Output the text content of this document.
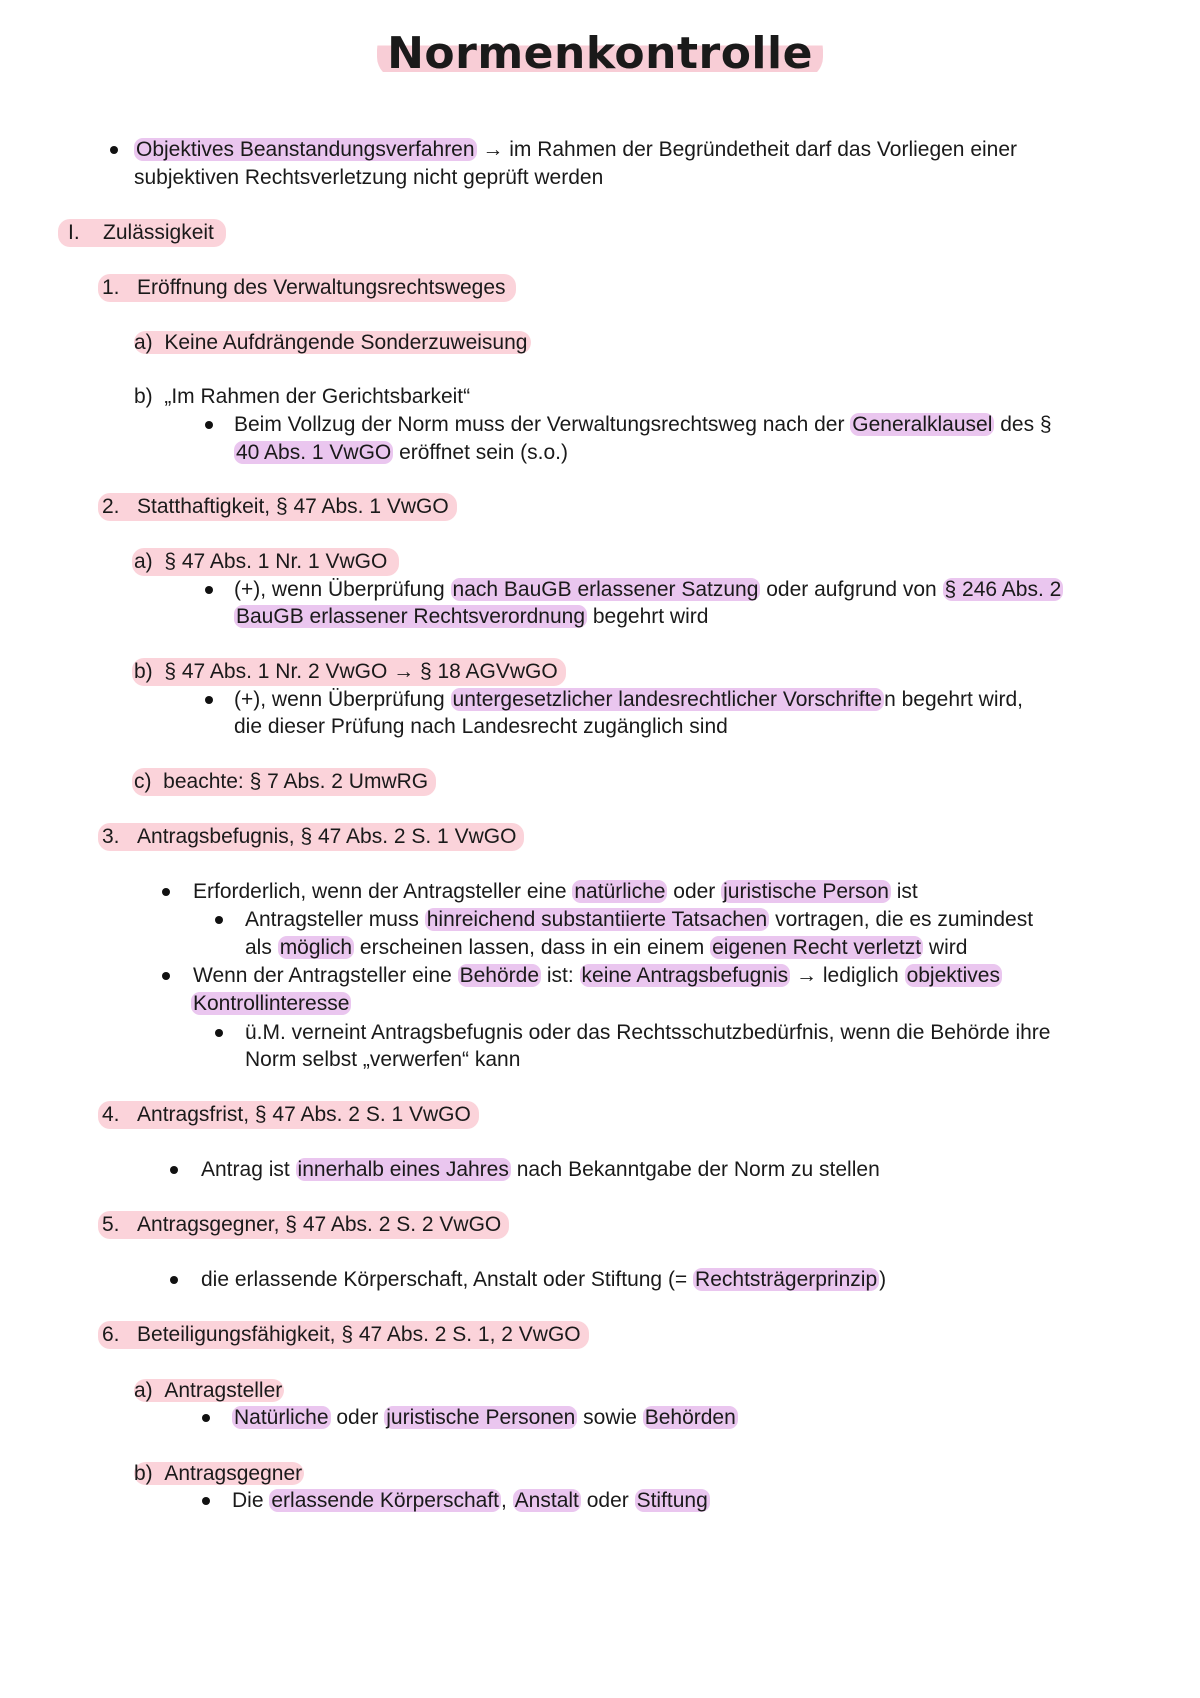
Normenkontrolle
Objektives Beanstandungsverfahren → im Rahmen der Begründetheit darf das Vorliegen einer
subjektiven Rechtsverletzung nicht geprüft werden
I. Zulässigkeit
1. Eröffnung des Verwaltungsrechtsweges
a) Keine Aufdrängende Sonderzuweisung
b) „Im Rahmen der Gerichtsbarkeit“
Beim Vollzug der Norm muss der Verwaltungsrechtsweg nach der Generalklausel des §
40 Abs. 1 VwGO eröffnet sein (s.o.)
2. Statthaftigkeit, § 47 Abs. 1 VwGO
a) § 47 Abs. 1 Nr. 1 VwGO
(+), wenn Überprüfung nach BauGB erlassener Satzung oder aufgrund von § 246 Abs. 2
BauGB erlassener Rechtsverordnung begehrt wird
b) § 47 Abs. 1 Nr. 2 VwGO → § 18 AGVwGO
(+), wenn Überprüfung untergesetzlicher landesrechtlicher Vorschriften begehrt wird,
die dieser Prüfung nach Landesrecht zugänglich sind
c) beachte: § 7 Abs. 2 UmwRG
3. Antragsbefugnis, § 47 Abs. 2 S. 1 VwGO
Erforderlich, wenn der Antragsteller eine natürliche oder juristische Person ist
Antragsteller muss hinreichend substantiierte Tatsachen vortragen, die es zumindest
als möglich erscheinen lassen, dass in ein einem eigenen Recht verletzt wird
Wenn der Antragsteller eine Behörde ist: keine Antragsbefugnis → lediglich objektives
Kontrollinteresse
ü.M. verneint Antragsbefugnis oder das Rechtsschutzbedürfnis, wenn die Behörde ihre
Norm selbst „verwerfen“ kann
4. Antragsfrist, § 47 Abs. 2 S. 1 VwGO
Antrag ist innerhalb eines Jahres nach Bekanntgabe der Norm zu stellen
5. Antragsgegner, § 47 Abs. 2 S. 2 VwGO
die erlassende Körperschaft, Anstalt oder Stiftung (= Rechtsträgerprinzip)
6. Beteiligungsfähigkeit, § 47 Abs. 2 S. 1, 2 VwGO
a) Antragsteller
Natürliche oder juristische Personen sowie Behörden
b) Antragsgegner
Die erlassende Körperschaft, Anstalt oder Stiftung
